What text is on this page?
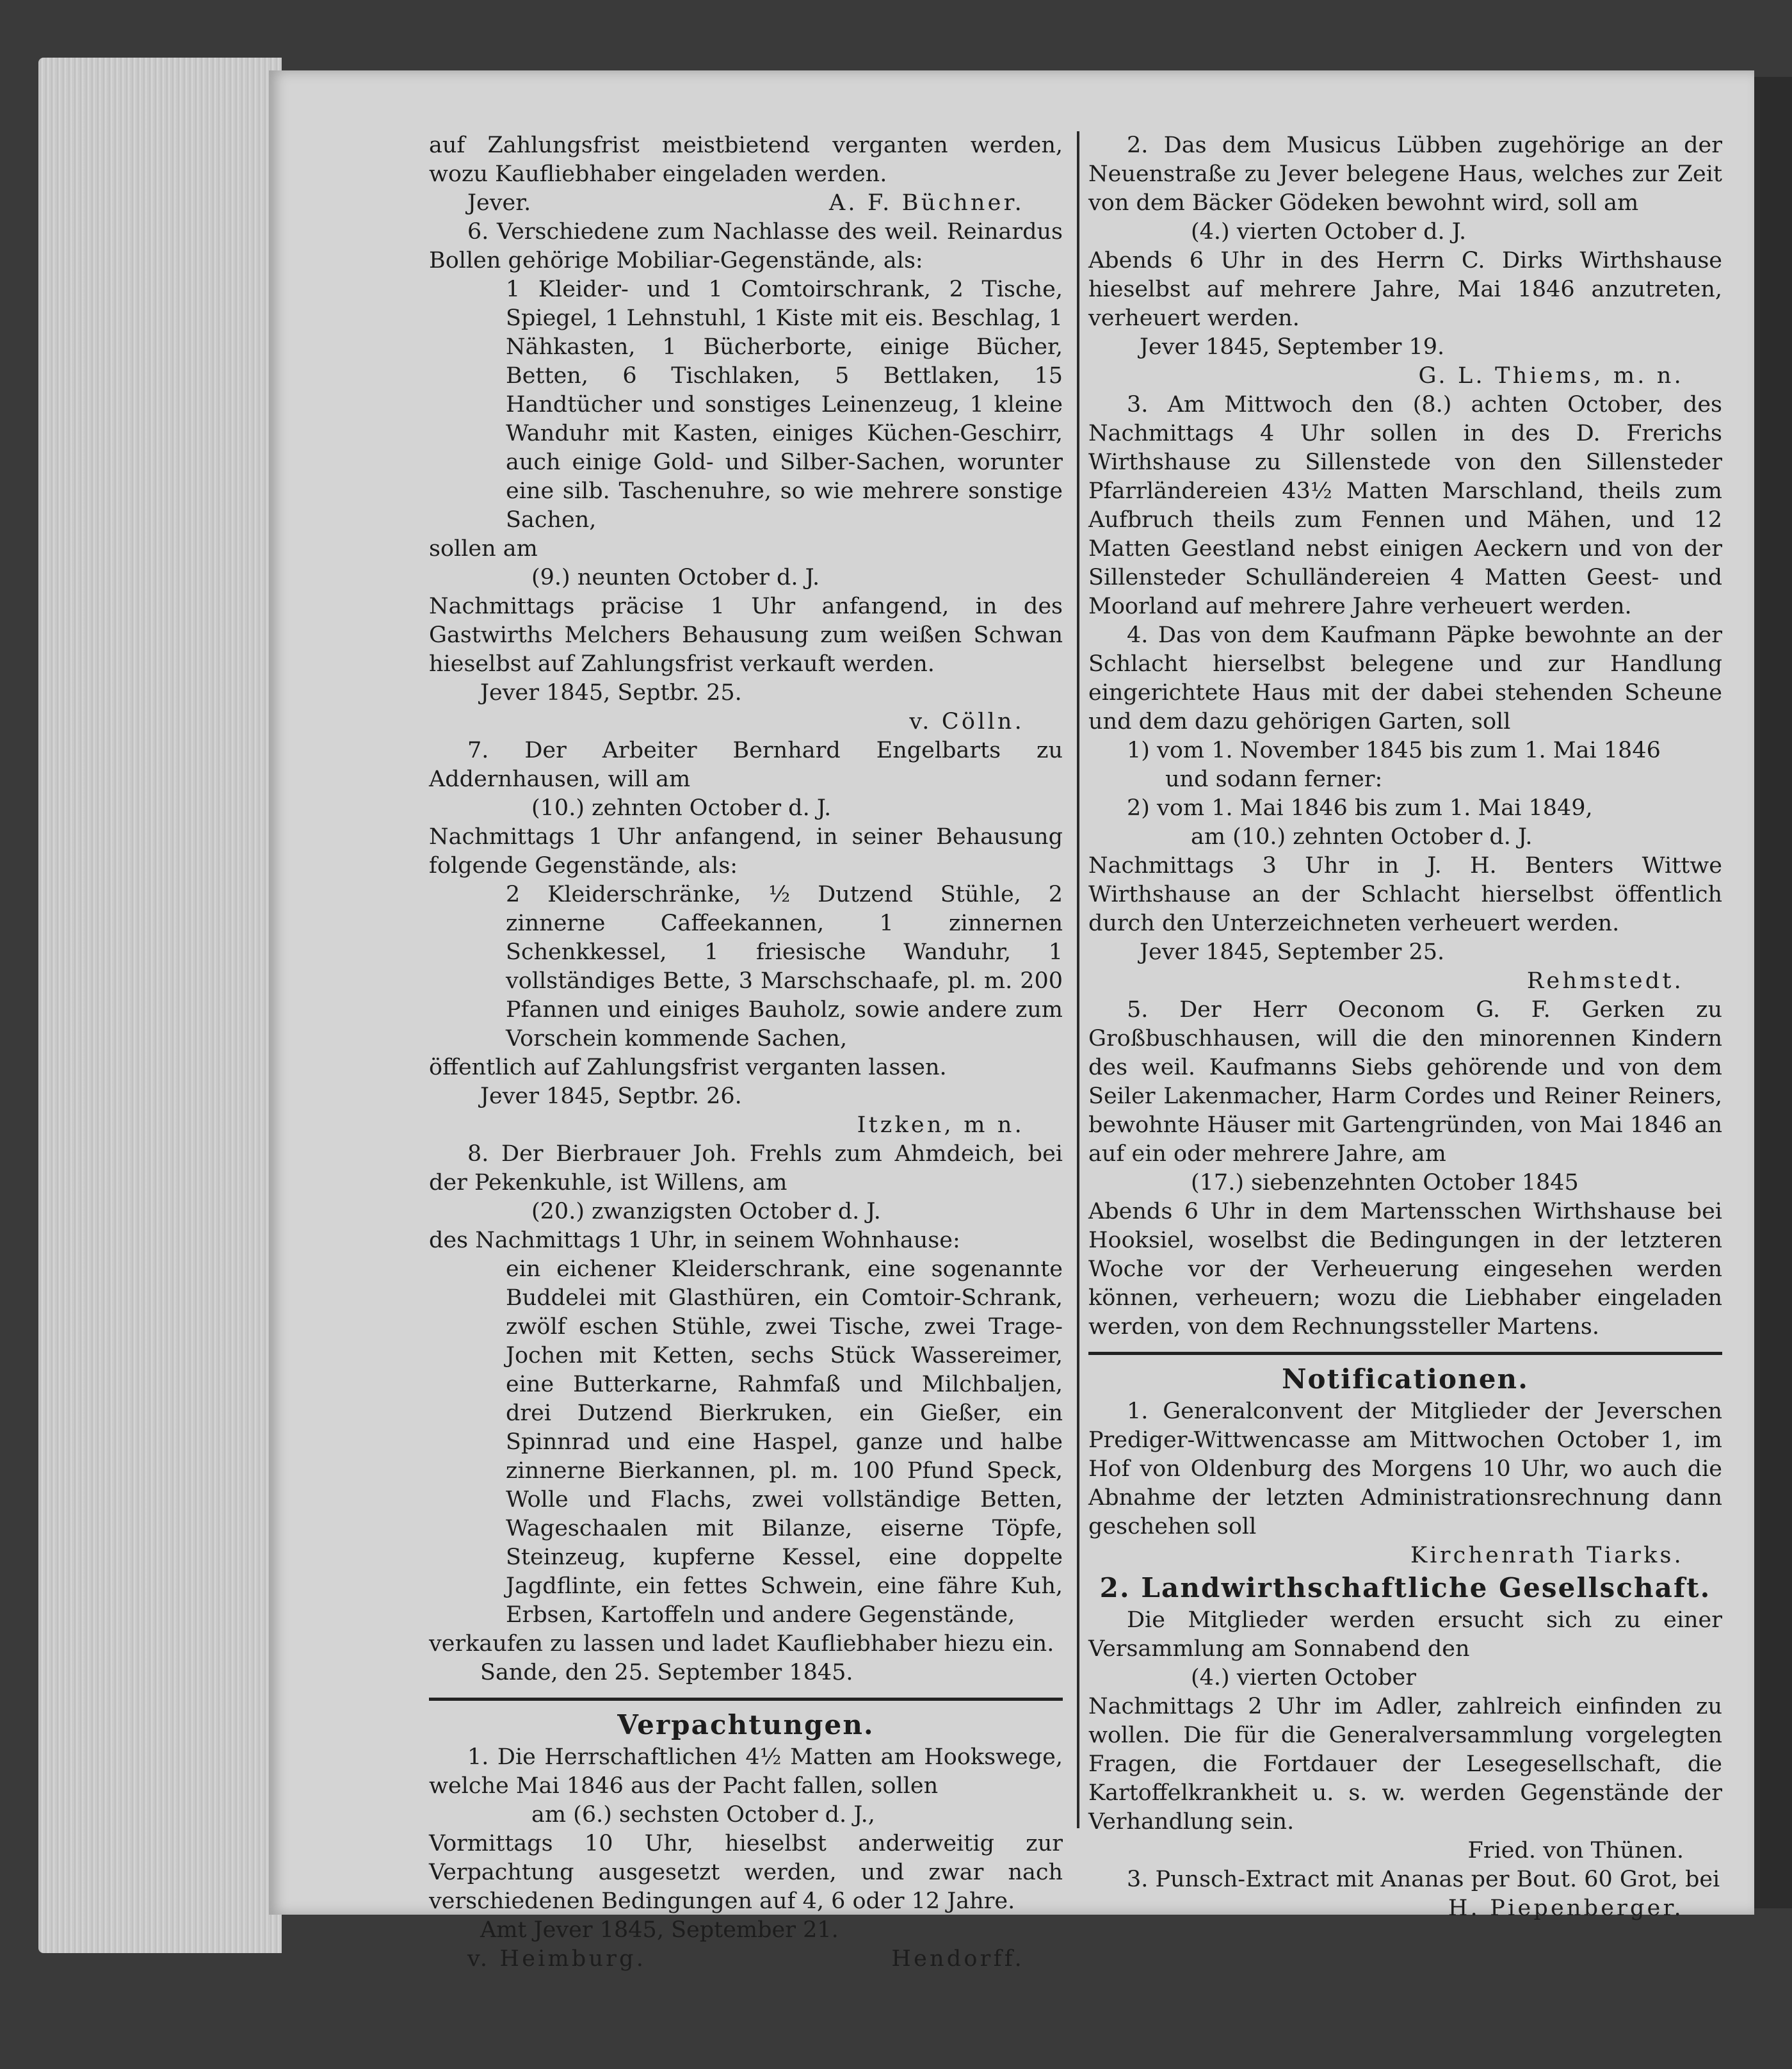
auf Zahlungsfrist meistbietend verganten werden, wozu Kaufliebhaber eingeladen werden.

Jever.	A. F. Büchner.

6. Verschiedene zum Nachlasse des weil. Reinardus Bollen gehörige Mobiliar-Gegenstände, als:

1 Kleider- und 1 Comtoirschrank, 2 Tische, Spiegel, 1 Lehnstuhl, 1 Kiste mit eis. Beschlag, 1 Nähkasten, 1 Bücherborte, einige Bücher, Betten, 6 Tischlaken, 5 Bettlaken, 15 Handtücher und sonstiges Leinenzeug, 1 kleine Wanduhr mit Kasten, einiges Küchen-Geschirr, auch einige Gold- und Silber-Sachen, worunter eine silb. Taschenuhre, so wie mehrere sonstige Sachen,

sollen am

(9.) neunten October d. J.

Nachmittags präcise 1 Uhr anfangend, in des Gastwirths Melchers Behausung zum weißen Schwan hieselbst auf Zahlungsfrist verkauft werden.

Jever 1845, Septbr. 25.

v. Cölln.

7. Der Arbeiter Bernhard Engelbarts zu Addernhausen, will am

(10.) zehnten October d. J.

Nachmittags 1 Uhr anfangend, in seiner Behausung folgende Gegenstände, als:

2 Kleiderschränke, ½ Dutzend Stühle, 2 zinnerne Caffeekannen, 1 zinnernen Schenkkessel, 1 friesische Wanduhr, 1 vollständiges Bette, 3 Marschschaafe, pl. m. 200 Pfannen und einiges Bauholz, sowie andere zum Vorschein kommende Sachen,

öffentlich auf Zahlungsfrist verganten lassen.

Jever 1845, Septbr. 26.

Itzken, m n.

8. Der Bierbrauer Joh. Frehls zum Ahmdeich, bei der Pekenkuhle, ist Willens, am

(20.) zwanzigsten October d. J.

des Nachmittags 1 Uhr, in seinem Wohnhause:

ein eichener Kleiderschrank, eine sogenannte Buddelei mit Glasthüren, ein Comtoir-Schrank, zwölf eschen Stühle, zwei Tische, zwei Trage-Jochen mit Ketten, sechs Stück Wassereimer, eine Butterkarne, Rahmfaß und Milchbaljen, drei Dutzend Bierkruken, ein Gießer, ein Spinnrad und eine Haspel, ganze und halbe zinnerne Bierkannen, pl. m. 100 Pfund Speck, Wolle und Flachs, zwei vollständige Betten, Wageschaalen mit Bilanze, eiserne Töpfe, Steinzeug, kupferne Kessel, eine doppelte Jagdflinte, ein fettes Schwein, eine fähre Kuh, Erbsen, Kartoffeln und andere Gegenstände,

verkaufen zu lassen und ladet Kaufliebhaber hiezu ein.

Sande, den 25. September 1845.

Verpachtungen.

1. Die Herrschaftlichen 4½ Matten am Hookswege, welche Mai 1846 aus der Pacht fallen, sollen

am (6.) sechsten October d. J.,

Vormittags 10 Uhr, hieselbst anderweitig zur Verpachtung ausgesetzt werden, und zwar nach verschiedenen Bedingungen auf 4, 6 oder 12 Jahre.

Amt Jever 1845, September 21.

v. Heimburg.	Hendorff.

2. Das dem Musicus Lübben zugehörige an der Neuenstraße zu Jever belegene Haus, welches zur Zeit von dem Bäcker Gödeken bewohnt wird, soll am

(4.) vierten October d. J.

Abends 6 Uhr in des Herrn C. Dirks Wirthshause hieselbst auf mehrere Jahre, Mai 1846 anzutreten, verheuert werden.

Jever 1845, September 19.

G. L. Thiems, m. n.

3. Am Mittwoch den (8.) achten October, des Nachmittags 4 Uhr sollen in des D. Frerichs Wirthshause zu Sillenstede von den Sillensteder Pfarrländereien 43½ Matten Marschland, theils zum Aufbruch theils zum Fennen und Mähen, und 12 Matten Geestland nebst einigen Aeckern und von der Sillensteder Schulländereien 4 Matten Geest- und Moorland auf mehrere Jahre verheuert werden.

4. Das von dem Kaufmann Päpke bewohnte an der Schlacht hierselbst belegene und zur Handlung eingerichtete Haus mit der dabei stehenden Scheune und dem dazu gehörigen Garten, soll

1) vom 1. November 1845 bis zum 1. Mai 1846

und sodann ferner:

2) vom 1. Mai 1846 bis zum 1. Mai 1849,

am (10.) zehnten October d. J.

Nachmittags 3 Uhr in J. H. Benters Wittwe Wirthshause an der Schlacht hierselbst öffentlich durch den Unterzeichneten verheuert werden.

Jever 1845, September 25.

Rehmstedt.

5. Der Herr Oeconom G. F. Gerken zu Großbuschhausen, will die den minorennen Kindern des weil. Kaufmanns Siebs gehörende und von dem Seiler Lakenmacher, Harm Cordes und Reiner Reiners, bewohnte Häuser mit Gartengründen, von Mai 1846 an auf ein oder mehrere Jahre, am

(17.) siebenzehnten October 1845

Abends 6 Uhr in dem Martensschen Wirthshause bei Hooksiel, woselbst die Bedingungen in der letzteren Woche vor der Verheuerung eingesehen werden können, verheuern; wozu die Liebhaber eingeladen werden, von dem Rechnungssteller Martens.

Notificationen.

1. Generalconvent der Mitglieder der Jeverschen Prediger-Wittwencasse am Mittwochen October 1, im Hof von Oldenburg des Morgens 10 Uhr, wo auch die Abnahme der letzten Administrationsrechnung dann geschehen soll

Kirchenrath Tiarks.

2. Landwirthschaftliche Gesellschaft.

Die Mitglieder werden ersucht sich zu einer Versammlung am Sonnabend den

(4.) vierten October

Nachmittags 2 Uhr im Adler, zahlreich einfinden zu wollen. Die für die Generalversammlung vorgelegten Fragen, die Fortdauer der Lesegesellschaft, die Kartoffelkrankheit u. s. w. werden Gegenstände der Verhandlung sein.

Fried. von Thünen.

3. Punsch-Extract mit Ananas per Bout. 60 Grot, bei

H. Piepenberger.
